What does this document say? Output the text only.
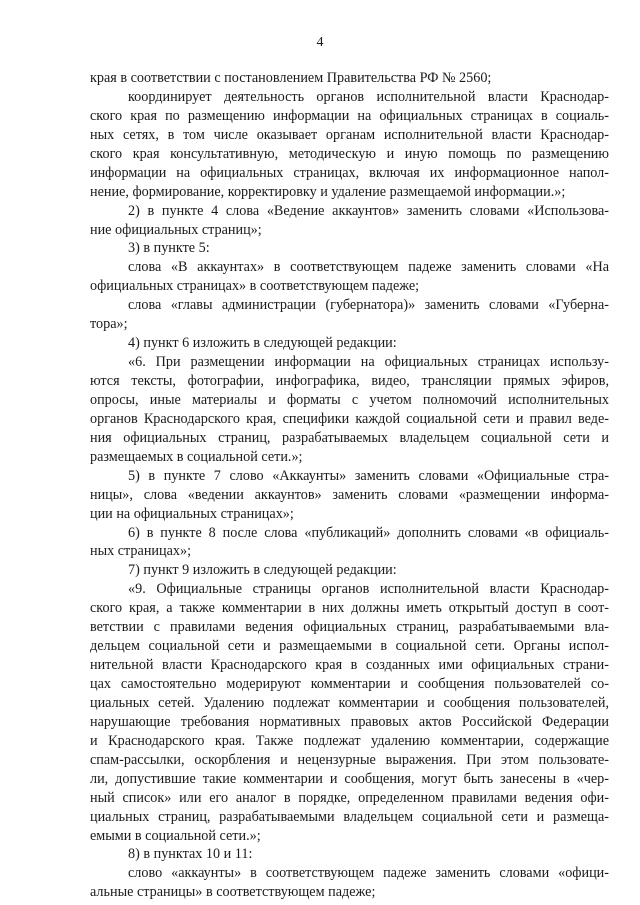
4
края в соответствии с постановлением Правительства РФ № 2560;
координирует деятельность органов исполнительной власти Краснодар-
ского края по размещению информации на официальных страницах в социаль-
ных сетях, в том числе оказывает органам исполнительной власти Краснодар-
ского края консультативную, методическую и иную помощь по размещению
информации на официальных страницах, включая их информационное напол-
нение, формирование, корректировку и удаление размещаемой информации.»;
2) в пункте 4 слова «Ведение аккаунтов» заменить словами «Использова-
ние официальных страниц»;
3) в пункте 5:
слова «В аккаунтах» в соответствующем падеже заменить словами «На
официальных страницах» в соответствующем падеже;
слова «главы администрации (губернатора)» заменить словами «Губерна-
тора»;
4) пункт 6 изложить в следующей редакции:
«6. При размещении информации на официальных страницах использу-
ются тексты, фотографии, инфографика, видео, трансляции прямых эфиров,
опросы, иные материалы и форматы с учетом полномочий исполнительных
органов Краснодарского края, специфики каждой социальной сети и правил веде-
ния официальных страниц, разрабатываемых владельцем социальной сети и
размещаемых в социальной сети.»;
5) в пункте 7 слово «Аккаунты» заменить словами «Официальные стра-
ницы», слова «ведении аккаунтов» заменить словами «размещении информа-
ции на официальных страницах»;
6) в пункте 8 после слова «публикаций» дополнить словами «в официаль-
ных страницах»;
7) пункт 9 изложить в следующей редакции:
«9. Официальные страницы органов исполнительной власти Краснодар-
ского края, а также комментарии в них должны иметь открытый доступ в соот-
ветствии с правилами ведения официальных страниц, разрабатываемыми вла-
дельцем социальной сети и размещаемыми в социальной сети. Органы испол-
нительной власти Краснодарского края в созданных ими официальных страни-
цах самостоятельно модерируют комментарии и сообщения пользователей со-
циальных сетей. Удалению подлежат комментарии и сообщения пользователей,
нарушающие требования нормативных правовых актов Российской Федерации
и Краснодарского края. Также подлежат удалению комментарии, содержащие
спам-рассылки, оскорбления и нецензурные выражения. При этом пользовате-
ли, допустившие такие комментарии и сообщения, могут быть занесены в «чер-
ный список» или его аналог в порядке, определенном правилами ведения офи-
циальных страниц, разрабатываемыми владельцем социальной сети и размеща-
емыми в социальной сети.»;
8) в пунктах 10 и 11:
слово «аккаунты» в соответствующем падеже заменить словами «офици-
альные страницы» в соответствующем падеже;
